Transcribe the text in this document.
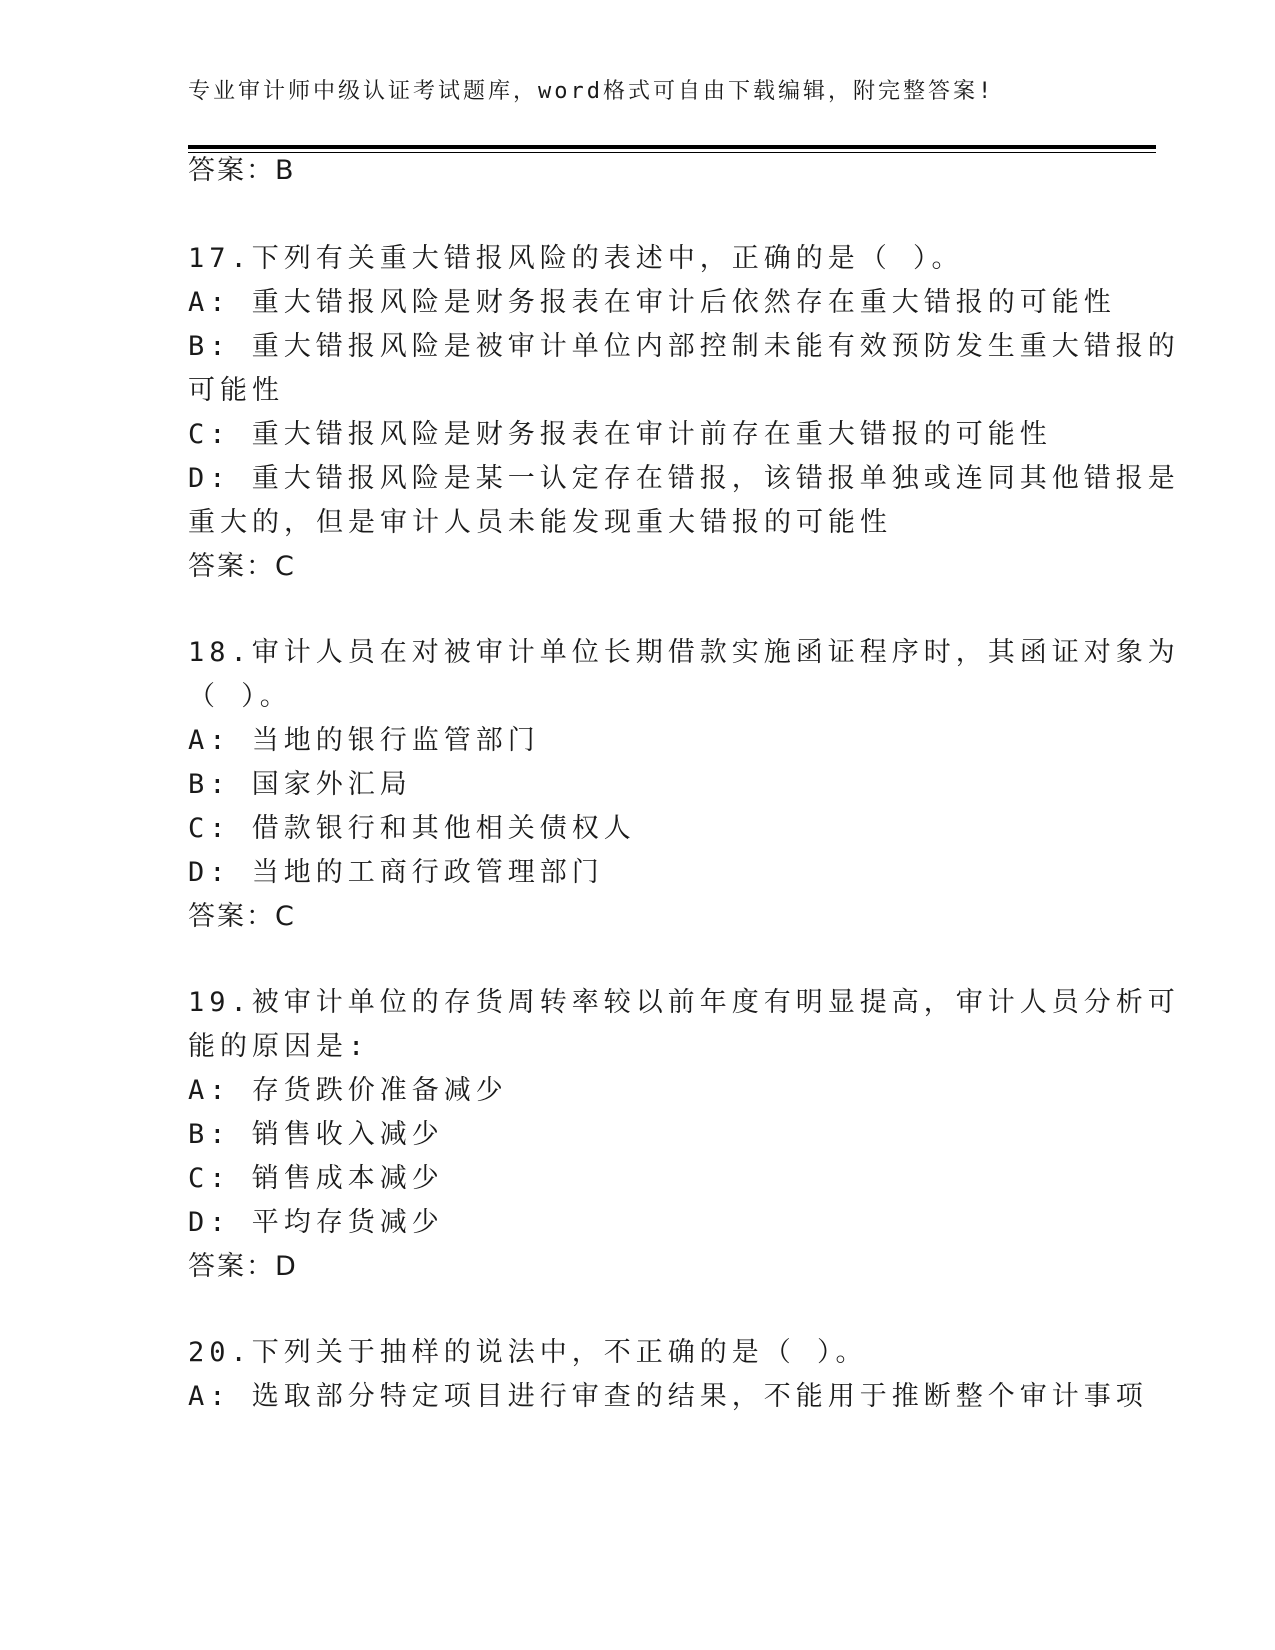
专业审计师中级认证考试题库，word格式可自由下载编辑，附完整答案!
答案：B
17.下列有关重大错报风险的表述中，正确的是（ ）。
A: 重大错报风险是财务报表在审计后依然存在重大错报的可能性
B: 重大错报风险是被审计单位内部控制未能有效预防发生重大错报的
可能性
C: 重大错报风险是财务报表在审计前存在重大错报的可能性
D: 重大错报风险是某一认定存在错报，该错报单独或连同其他错报是
重大的，但是审计人员未能发现重大错报的可能性
答案：C
18.审计人员在对被审计单位长期借款实施函证程序时，其函证对象为
（ ）。
A: 当地的银行监管部门
B: 国家外汇局
C: 借款银行和其他相关债权人
D: 当地的工商行政管理部门
答案：C
19.被审计单位的存货周转率较以前年度有明显提高，审计人员分析可
能的原因是:
A: 存货跌价准备减少
B: 销售收入减少
C: 销售成本减少
D: 平均存货减少
答案：D
20.下列关于抽样的说法中，不正确的是（ ）。
A: 选取部分特定项目进行审查的结果，不能用于推断整个审计事项
